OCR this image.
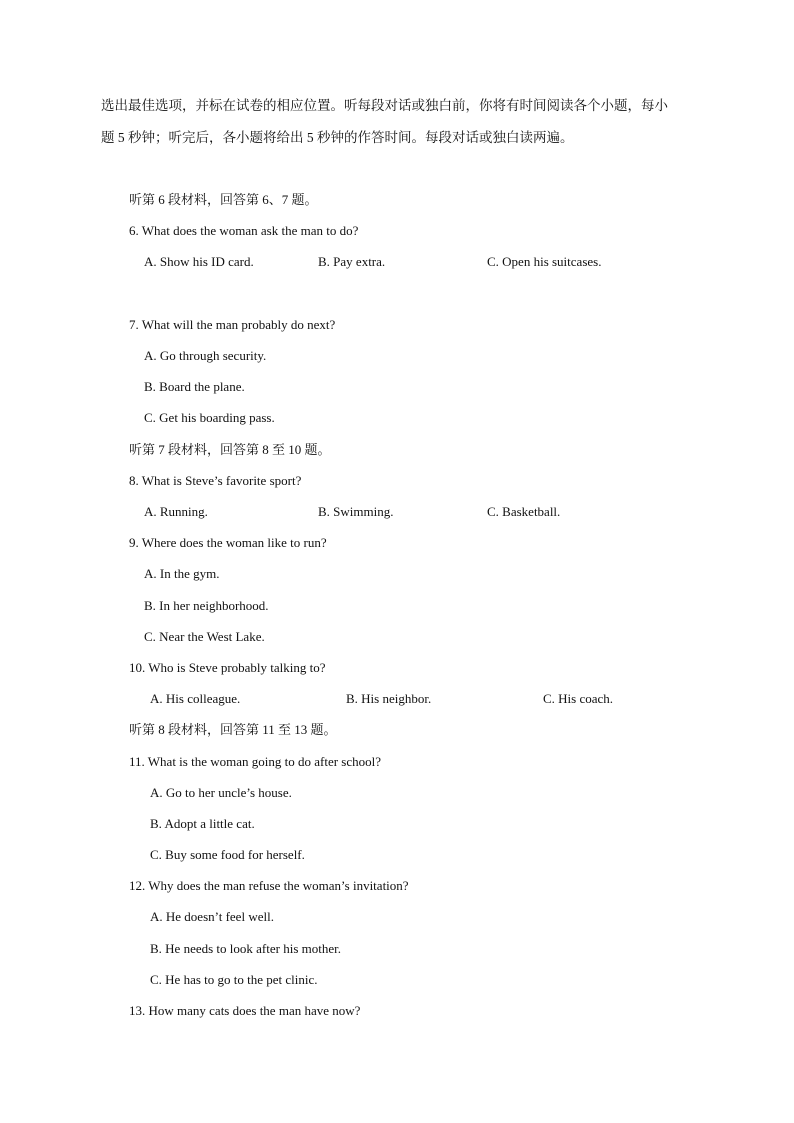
选出最佳选项，并标在试卷的相应位置。听每段对话或独白前，你将有时间阅读各个小题，每小
题 5 秒钟；听完后，各小题将给出 5 秒钟的作答时间。每段对话或独白读两遍。
听第 6 段材料，回答第 6、7 题。
6. What does the woman ask the man to do?
A. Show his ID card.	B. Pay extra.	C. Open his suitcases.
7. What will the man probably do next?
A. Go through security.
B. Board the plane.
C. Get his boarding pass.
听第 7 段材料，回答第 8 至 10 题。
8. What is Steve’s favorite sport?
A. Running.	B. Swimming.	C. Basketball.
9. Where does the woman like to run?
A. In the gym.
B. In her neighborhood.
C. Near the West Lake.
10. Who is Steve probably talking to?
A. His colleague.	B. His neighbor.	C. His coach.
听第 8 段材料，回答第 11 至 13 题。
11. What is the woman going to do after school?
A. Go to her uncle’s house.
B. Adopt a little cat.
C. Buy some food for herself.
12. Why does the man refuse the woman’s invitation?
A. He doesn’t feel well.
B. He needs to look after his mother.
C. He has to go to the pet clinic.
13. How many cats does the man have now?
